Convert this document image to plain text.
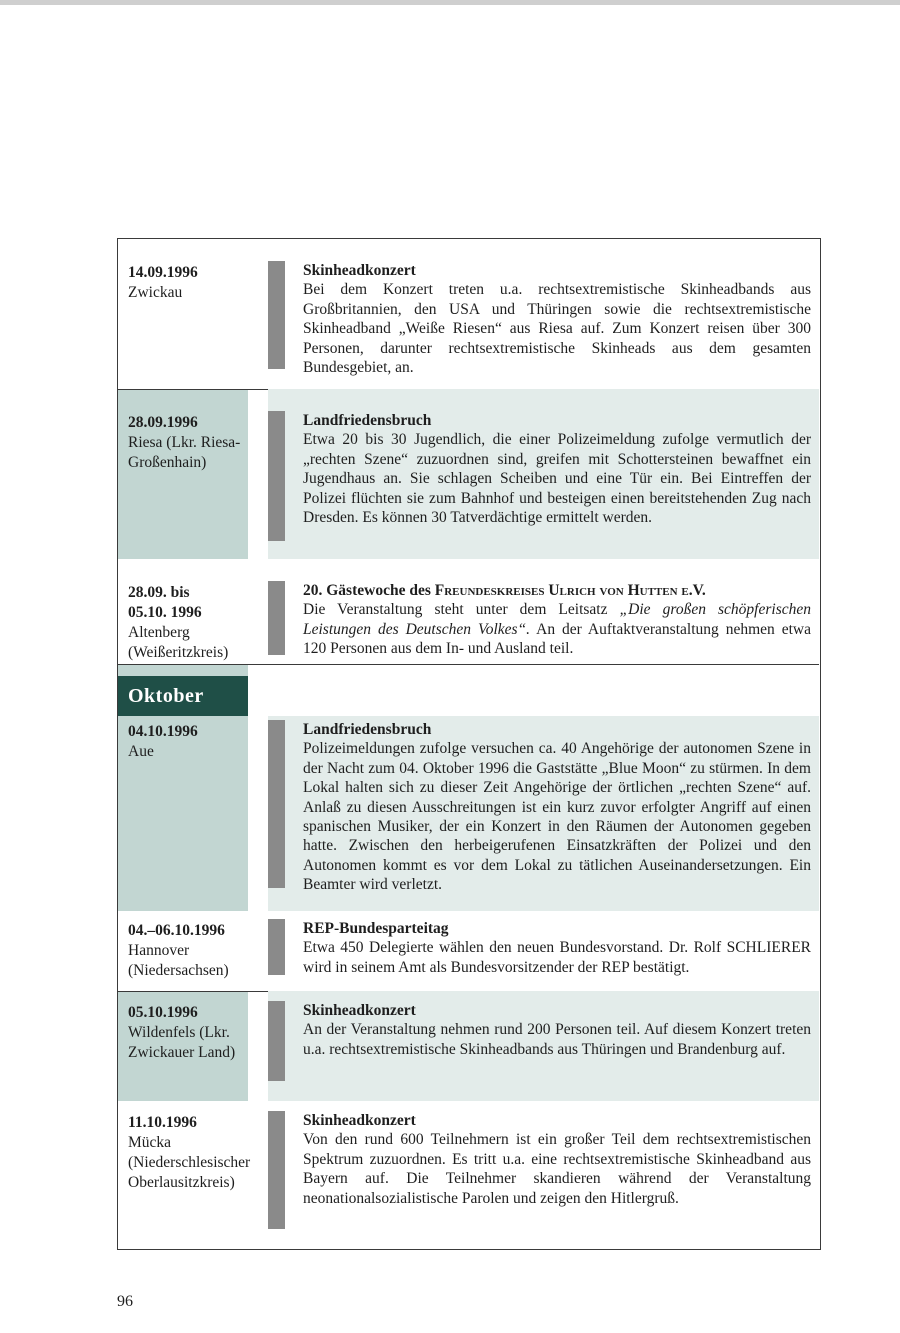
14.09.1996
Zwickau
Skinheadkonzert
Bei dem Konzert treten u.a. rechtsextremistische Skinheadbands aus Großbritannien, den USA und Thüringen sowie die rechtsextremistische Skinheadband „Weiße Riesen“ aus Riesa auf. Zum Konzert reisen über 300 Personen, darunter rechtsextremistische Skinheads aus dem gesamten Bundesgebiet, an.
28.09.1996
Riesa (Lkr. Riesa-Großenhain)
Landfriedensbruch
Etwa 20 bis 30 Jugendlich, die einer Polizeimeldung zufolge vermutlich der „rechten Szene“ zuzuordnen sind, greifen mit Schottersteinen bewaffnet ein Jugendhaus an. Sie schlagen Scheiben und eine Tür ein. Bei Eintreffen der Polizei flüchten sie zum Bahnhof und besteigen einen bereitstehenden Zug nach Dresden. Es können 30 Tatverdächtige ermittelt werden.
28.09. bis 05.10. 1996
Altenberg (Weißeritzkreis)
20. Gästewoche des Freundeskreises Ulrich von Hutten e.V.
Die Veranstaltung steht unter dem Leitsatz „Die großen schöpferischen Leistungen des Deutschen Volkes“. An der Auftaktveranstaltung nehmen etwa 120 Personen aus dem In- und Ausland teil.
Oktober
04.10.1996
Aue
Landfriedensbruch
Polizeimeldungen zufolge versuchen ca. 40 Angehörige der autonomen Szene in der Nacht zum 04. Oktober 1996 die Gaststätte „Blue Moon“ zu stürmen. In dem Lokal halten sich zu dieser Zeit Angehörige der örtlichen „rechten Szene“ auf. Anlaß zu diesen Ausschreitungen ist ein kurz zuvor erfolgter Angriff auf einen spanischen Musiker, der ein Konzert in den Räumen der Autonomen gegeben hatte. Zwischen den herbeigerufenen Einsatzkräften der Polizei und den Autonomen kommt es vor dem Lokal zu tätlichen Auseinandersetzungen. Ein Beamter wird verletzt.
04.–06.10.1996
Hannover (Niedersachsen)
REP-Bundesparteitag
Etwa 450 Delegierte wählen den neuen Bundesvorstand. Dr. Rolf SCHLIERER wird in seinem Amt als Bundesvorsitzender der REP bestätigt.
05.10.1996
Wildenfels (Lkr. Zwickauer Land)
Skinheadkonzert
An der Veranstaltung nehmen rund 200 Personen teil. Auf diesem Konzert treten u.a. rechtsextremistische Skinheadbands aus Thüringen und Brandenburg auf.
11.10.1996
Mücka (Niederschlesischer Oberlausitzkreis)
Skinheadkonzert
Von den rund 600 Teilnehmern ist ein großer Teil dem rechtsextremistischen Spektrum zuzuordnen. Es tritt u.a. eine rechtsextremistische Skinheadband aus Bayern auf. Die Teilnehmer skandieren während der Veranstaltung neonationalsozialistische Parolen und zeigen den Hitlergruß.
96
